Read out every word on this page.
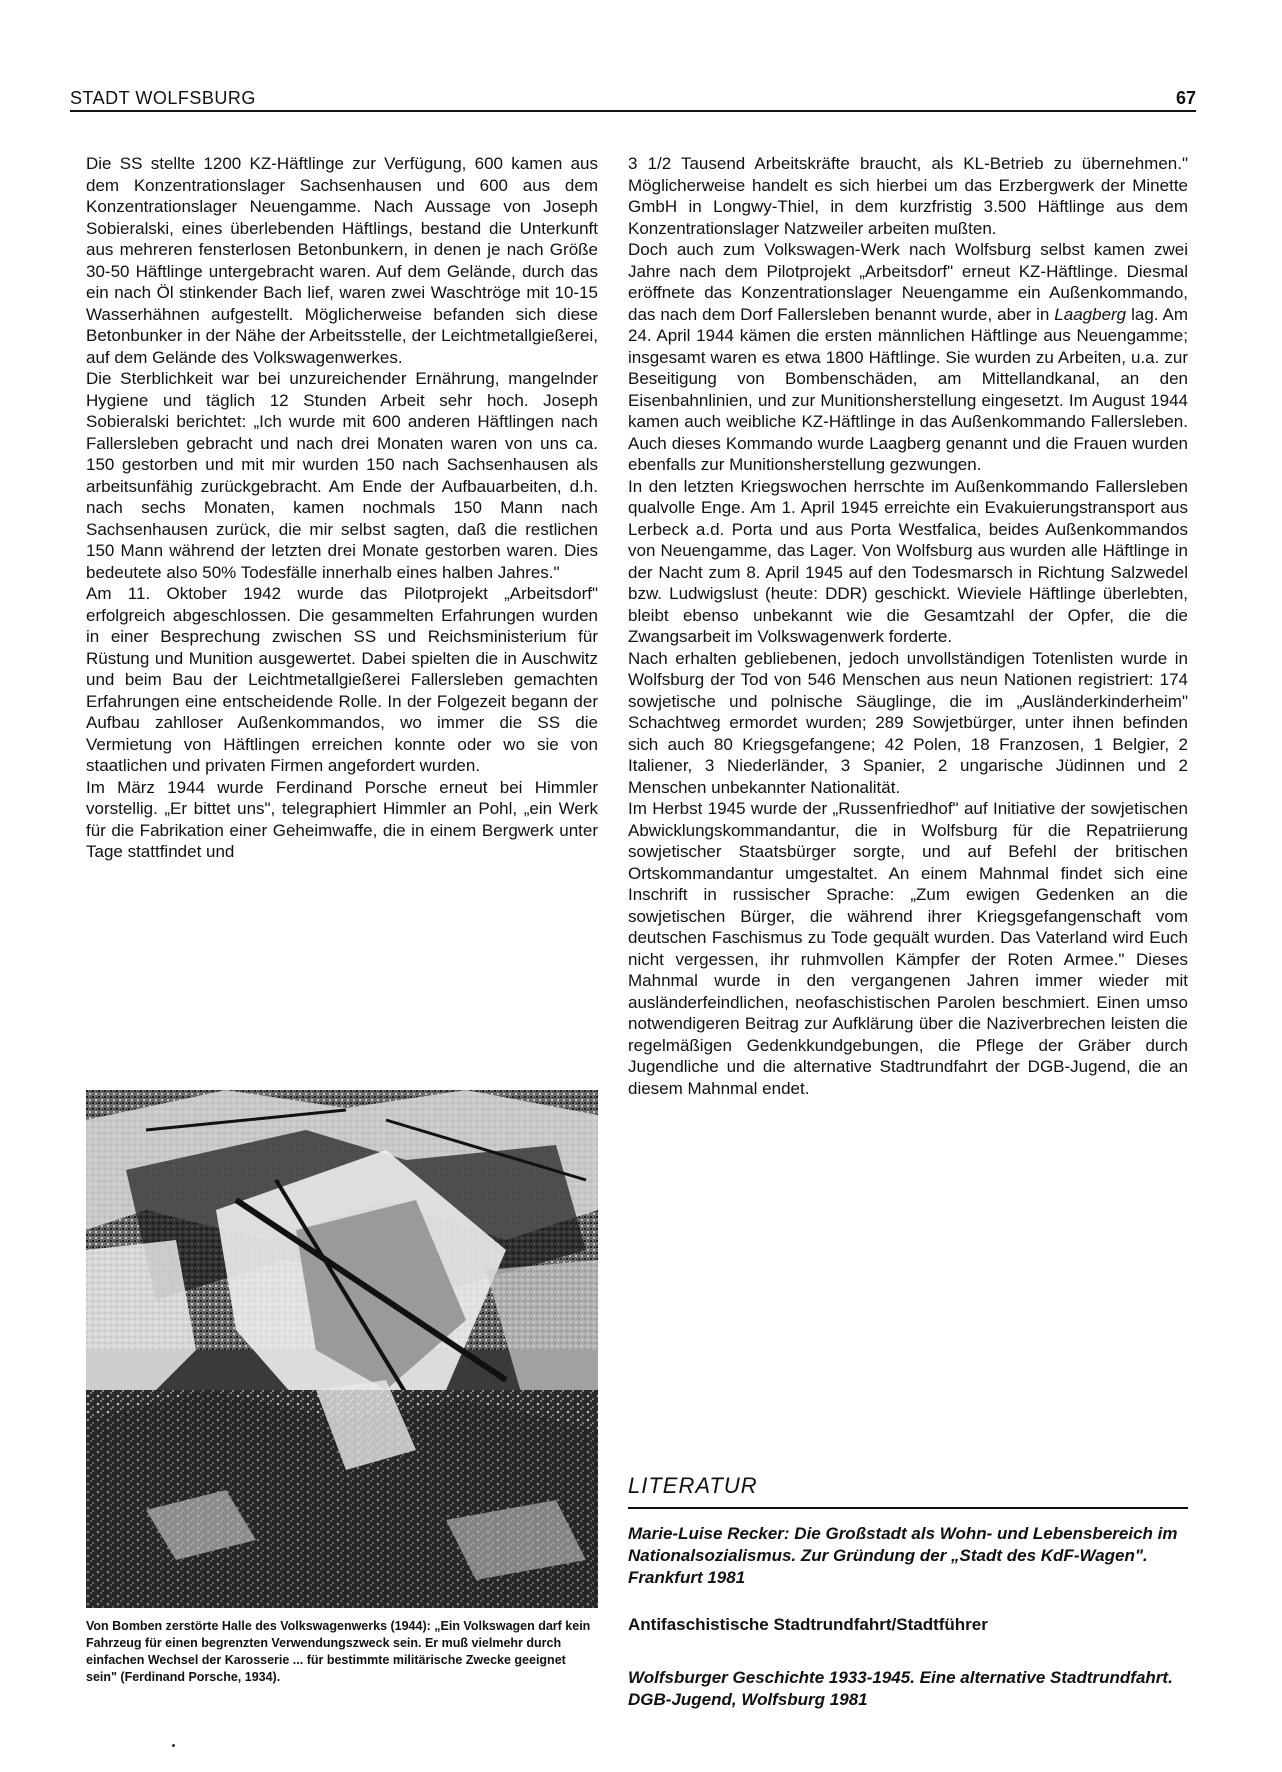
STADT WOLFSBURG	67

Die SS stellte 1200 KZ-Häftlinge zur Verfügung, 600 kamen aus dem Konzentrationslager Sachsenhausen und 600 aus dem Konzentrationslager Neuengamme. Nach Aussage von Joseph Sobieralski, eines überlebenden Häftlings, bestand die Unterkunft aus mehreren fensterlosen Betonbunkern, in denen je nach Größe 30-50 Häftlinge untergebracht waren. Auf dem Gelände, durch das ein nach Öl stinkender Bach lief, waren zwei Waschtröge mit 10-15 Wasserhähnen aufgestellt. Möglicherweise befanden sich diese Betonbunker in der Nähe der Arbeitsstelle, der Leichtmetallgießerei, auf dem Gelände des Volkswagenwerkes.

Die Sterblichkeit war bei unzureichender Ernährung, mangelnder Hygiene und täglich 12 Stunden Arbeit sehr hoch. Joseph Sobieralski berichtet: „Ich wurde mit 600 anderen Häftlingen nach Fallersleben gebracht und nach drei Monaten waren von uns ca. 150 gestorben und mit mir wurden 150 nach Sachsenhausen als arbeitsunfähig zurückgebracht. Am Ende der Aufbauarbeiten, d.h. nach sechs Monaten, kamen nochmals 150 Mann nach Sachsenhausen zurück, die mir selbst sagten, daß die restlichen 150 Mann während der letzten drei Monate gestorben waren. Dies bedeutete also 50% Todesfälle innerhalb eines halben Jahres."

Am 11. Oktober 1942 wurde das Pilotprojekt „Arbeitsdorf" erfolgreich abgeschlossen. Die gesammelten Erfahrungen wurden in einer Besprechung zwischen SS und Reichsministerium für Rüstung und Munition ausgewertet. Dabei spielten die in Auschwitz und beim Bau der Leichtmetallgießerei Fallersleben gemachten Erfahrungen eine entscheidende Rolle. In der Folgezeit begann der Aufbau zahlloser Außenkommandos, wo immer die SS die Vermietung von Häftlingen erreichen konnte oder wo sie von staatlichen und privaten Firmen angefordert wurden.

Im März 1944 wurde Ferdinand Porsche erneut bei Himmler vorstellig. „Er bittet uns", telegraphiert Himmler an Pohl, „ein Werk für die Fabrikation einer Geheimwaffe, die in einem Bergwerk unter Tage stattfindet und

Von Bomben zerstörte Halle des Volkswagenwerks (1944): „Ein Volkswagen darf kein Fahrzeug für einen begrenzten Verwendungszweck sein. Er muß vielmehr durch einfachen Wechsel der Karosserie ... für bestimmte militärische Zwecke geeignet sein" (Ferdinand Porsche, 1934).

3 1/2 Tausend Arbeitskräfte braucht, als KL-Betrieb zu übernehmen." Möglicherweise handelt es sich hierbei um das Erzbergwerk der Minette GmbH in Longwy-Thiel, in dem kurzfristig 3.500 Häftlinge aus dem Konzentrationslager Natzweiler arbeiten mußten.

Doch auch zum Volkswagen-Werk nach Wolfsburg selbst kamen zwei Jahre nach dem Pilotprojekt „Arbeitsdorf" erneut KZ-Häftlinge. Diesmal eröffnete das Konzentrationslager Neuengamme ein Außenkommando, das nach dem Dorf Fallersleben benannt wurde, aber in Laagberg lag. Am 24. April 1944 kämen die ersten männlichen Häftlinge aus Neuengamme; insgesamt waren es etwa 1800 Häftlinge. Sie wurden zu Arbeiten, u.a. zur Beseitigung von Bombenschäden, am Mittellandkanal, an den Eisenbahnlinien, und zur Munitionsherstellung eingesetzt. Im August 1944 kamen auch weibliche KZ-Häftlinge in das Außenkommando Fallersleben. Auch dieses Kommando wurde Laagberg genannt und die Frauen wurden ebenfalls zur Munitionsherstellung gezwungen.

In den letzten Kriegswochen herrschte im Außenkommando Fallersleben qualvolle Enge. Am 1. April 1945 erreichte ein Evakuierungstransport aus Lerbeck a.d. Porta und aus Porta Westfalica, beides Außenkommandos von Neuengamme, das Lager. Von Wolfsburg aus wurden alle Häftlinge in der Nacht zum 8. April 1945 auf den Todesmarsch in Richtung Salzwedel bzw. Ludwigslust (heute: DDR) geschickt. Wieviele Häftlinge überlebten, bleibt ebenso unbekannt wie die Gesamtzahl der Opfer, die die Zwangsarbeit im Volkswagenwerk forderte.

Nach erhalten gebliebenen, jedoch unvollständigen Totenlisten wurde in Wolfsburg der Tod von 546 Menschen aus neun Nationen registriert: 174 sowjetische und polnische Säuglinge, die im „Ausländerkinderheim" Schachtweg ermordet wurden; 289 Sowjetbürger, unter ihnen befinden sich auch 80 Kriegsgefangene; 42 Polen, 18 Franzosen, 1 Belgier, 2 Italiener, 3 Niederländer, 3 Spanier, 2 ungarische Jüdinnen und 2 Menschen unbekannter Nationalität.

Im Herbst 1945 wurde der „Russenfriedhof" auf Initiative der sowjetischen Abwicklungskommandantur, die in Wolfsburg für die Repatriierung sowjetischer Staatsbürger sorgte, und auf Befehl der britischen Ortskommandantur umgestaltet. An einem Mahnmal findet sich eine Inschrift in russischer Sprache: „Zum ewigen Gedenken an die sowjetischen Bürger, die während ihrer Kriegsgefangenschaft vom deutschen Faschismus zu Tode gequält wurden. Das Vaterland wird Euch nicht vergessen, ihr ruhmvollen Kämpfer der Roten Armee." Dieses Mahnmal wurde in den vergangenen Jahren immer wieder mit ausländerfeindlichen, neofaschistischen Parolen beschmiert. Einen umso notwendigeren Beitrag zur Aufklärung über die Naziverbrechen leisten die regelmäßigen Gedenkkundgebungen, die Pflege der Gräber durch Jugendliche und die alternative Stadtrundfahrt der DGB-Jugend, die an diesem Mahnmal endet.

LITERATUR
Marie-Luise Recker: Die Großstadt als Wohn- und Lebensbereich im Nationalsozialismus. Zur Gründung der „Stadt des KdF-Wagen". Frankfurt 1981
Antifaschistische Stadtrundfahrt/Stadtführer
Wolfsburger Geschichte 1933-1945. Eine alternative Stadtrundfahrt. DGB-Jugend, Wolfsburg 1981
